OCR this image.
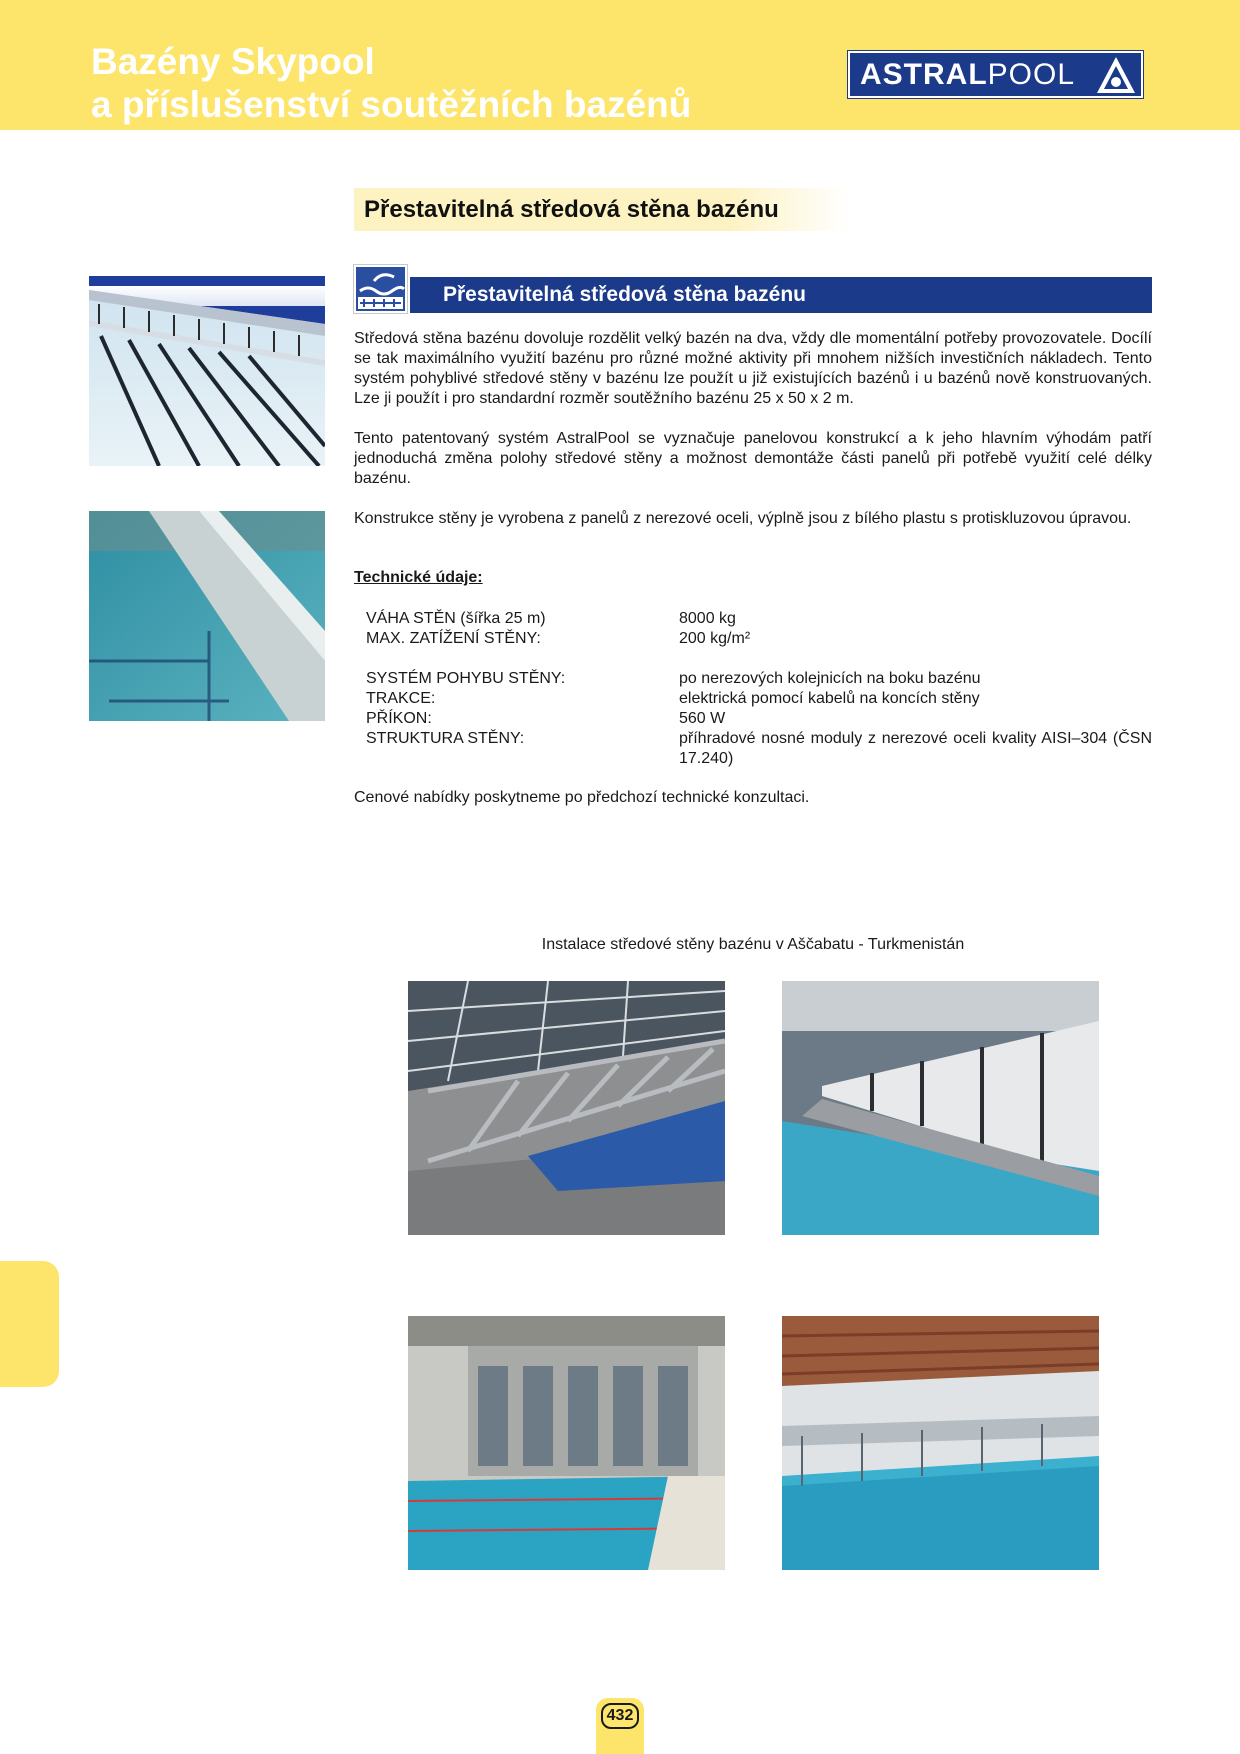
Bazény Skypool
a příslušenství soutěžních bazénů
ASTRALPOOL
Přestavitelná středová stěna bazénu
Přestavitelná středová stěna bazénu
Středová stěna bazénu dovoluje rozdělit velký bazén na dva, vždy dle momentální potřeby provozovatele. Docílí se tak maximálního využití bazénu pro různé možné aktivity při mnohem nižších investičních nákladech. Tento systém pohyblivé středové stěny v bazénu lze použít u již existujících bazénů i u bazénů nově konstruovaných. Lze ji použít i pro standardní rozměr soutěžního bazénu 25 x 50 x 2 m.
Tento patentovaný systém AstralPool se vyznačuje panelovou konstrukcí a k jeho hlavním výhodám patří jednoduchá změna polohy středové stěny a možnost demontáže části panelů při potřebě využití celé délky bazénu.
Konstrukce stěny je vyrobena z panelů z nerezové oceli, výplně jsou z bílého plastu s protiskluzovou úpravou.
Technické údaje:
VÁHA STĚN (šířka 25 m)	8000 kg
MAX. ZATÍŽENÍ STĚNY:	200 kg/m²
SYSTÉM POHYBU STĚNY:	po nerezových kolejnicích na boku bazénu
TRAKCE:	elektrická pomocí kabelů na koncích stěny
PŘÍKON:	560 W
STRUKTURA STĚNY:	příhradové nosné moduly z nerezové oceli kvality AISI–304 (ČSN 17.240)
Cenové nabídky poskytneme po předchozí technické konzultaci.
Instalace středové stěny bazénu v Aščabatu - Turkmenistán
432
